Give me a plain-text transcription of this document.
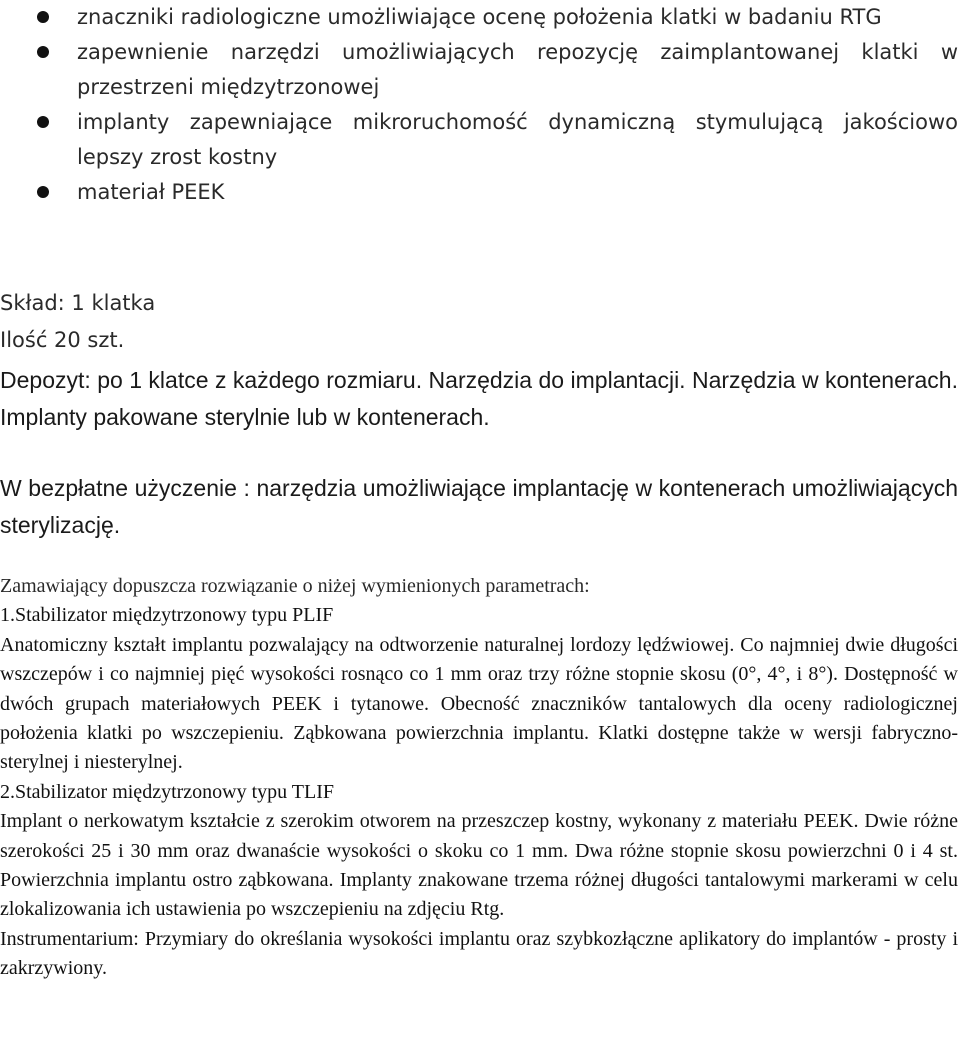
znaczniki radiologiczne umożliwiające ocenę położenia klatki w badaniu RTG
zapewnienie narzędzi umożliwiających repozycję zaimplantowanej klatki w przestrzeni międzytrzonowej
implanty zapewniające mikroruchomość dynamiczną stymulującą jakościowo lepszy zrost kostny
materiał PEEK

Skład: 1 klatka

Ilość 20 szt.

Depozyt: po 1 klatce z każdego rozmiaru. Narzędzia do implantacji. Narzędzia w kontenerach. Implanty pakowane sterylnie lub w kontenerach.

W bezpłatne użyczenie : narzędzia umożliwiające implantację w kontenerach umożliwiających sterylizację.

Zamawiający dopuszcza rozwiązanie o niżej wymienionych parametrach:

1.Stabilizator międzytrzonowy typu PLIF

Anatomiczny kształt implantu pozwalający na odtworzenie naturalnej lordozy lędźwiowej. Co najmniej dwie długości wszczepów i co najmniej pięć wysokości rosnąco co 1 mm oraz trzy różne stopnie skosu (0°, 4°, i 8°). Dostępność w dwóch grupach materiałowych PEEK i tytanowe. Obecność znaczników tantalowych dla oceny radiologicznej położenia klatki po wszczepieniu. Ząbkowana powierzchnia implantu. Klatki dostępne także w wersji fabryczno-sterylnej i niesterylnej.

2.Stabilizator międzytrzonowy typu TLIF

Implant o nerkowatym kształcie z szerokim otworem na przeszczep kostny, wykonany z materiału PEEK. Dwie różne szerokości 25 i 30 mm oraz dwanaście wysokości o skoku co 1 mm. Dwa różne stopnie skosu powierzchni 0 i 4 st. Powierzchnia implantu ostro ząbkowana. Implanty znakowane trzema różnej długości tantalowymi markerami w celu zlokalizowania ich ustawienia po wszczepieniu na zdjęciu Rtg.

Instrumentarium: Przymiary do określania wysokości implantu oraz szybkozłączne aplikatory do implantów - prosty i zakrzywiony.
